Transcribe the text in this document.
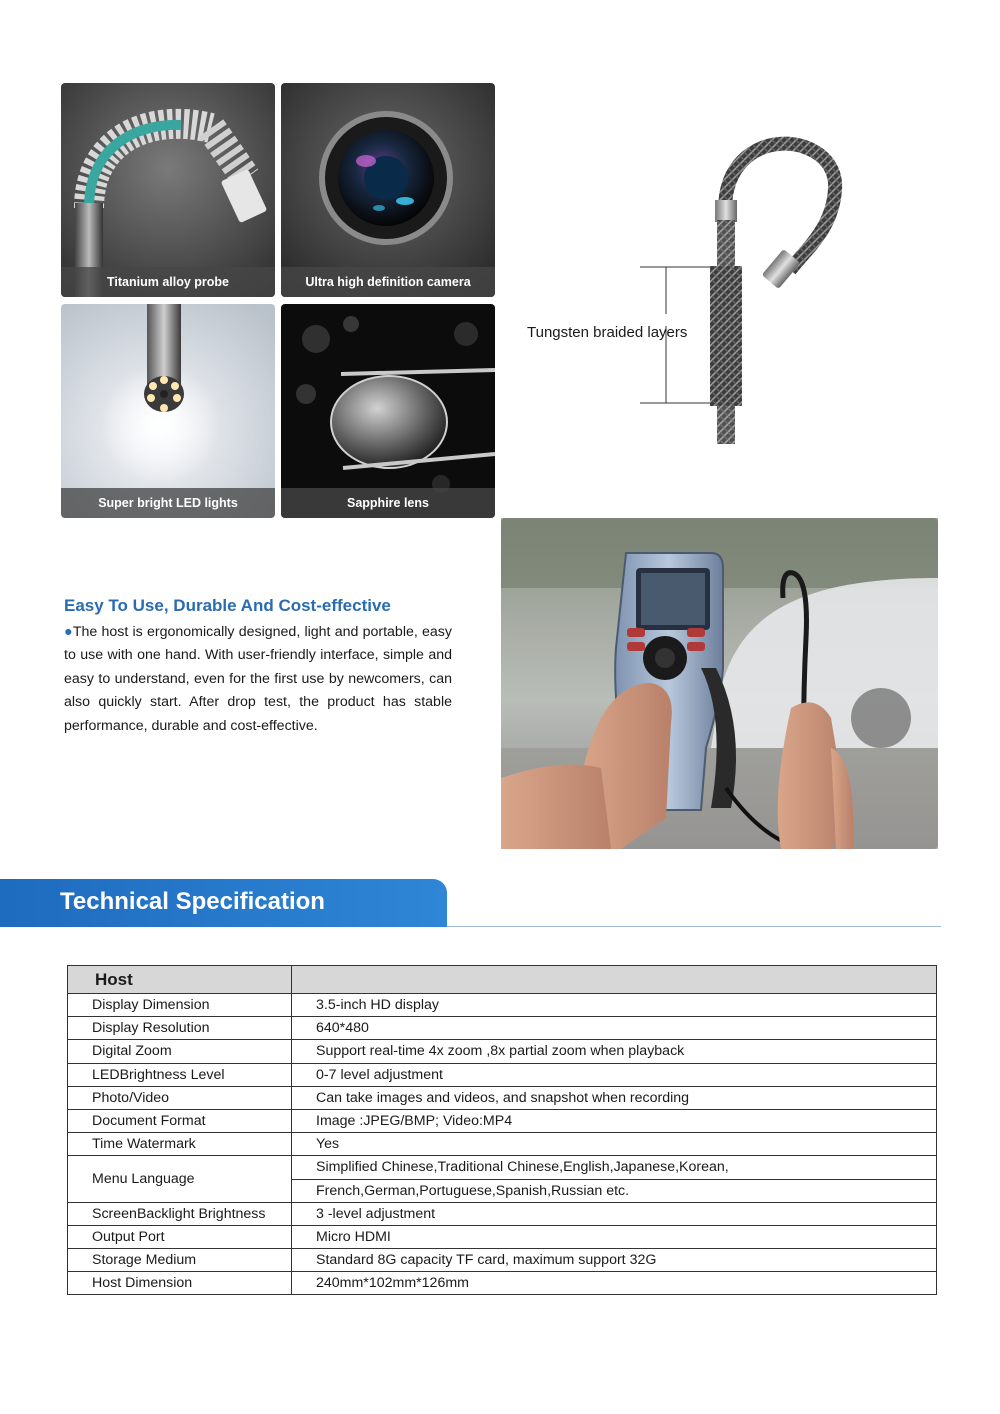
Titanium alloy probe	Ultra high definition camera
Super bright LED lights	Sapphire lens
Tungsten braided layers
Easy To Use, Durable And Cost-effective
●The host is ergonomically designed, light and portable, easy to use with one hand. With user-friendly interface, simple and easy to understand, even for the first use by newcomers, can also quickly start. After drop test, the product has stable performance, durable and cost-effective.
Technical Specification
Host	
Display Dimension	3.5-inch HD display
Display Resolution	640*480
Digital Zoom	Support real-time 4x zoom ,8x partial zoom when playback
LEDBrightness Level	0-7 level adjustment
Photo/Video	Can take images and videos, and snapshot when recording
Document Format	Image :JPEG/BMP; Video:MP4
Time Watermark	Yes
Menu Language	Simplified Chinese,Traditional Chinese,English,Japanese,Korean,
	French,German,Portuguese,Spanish,Russian etc.
ScreenBacklight Brightness	3 -level adjustment
Output Port	Micro HDMI
Storage Medium	Standard 8G capacity TF card, maximum support 32G
Host Dimension	240mm*102mm*126mm
